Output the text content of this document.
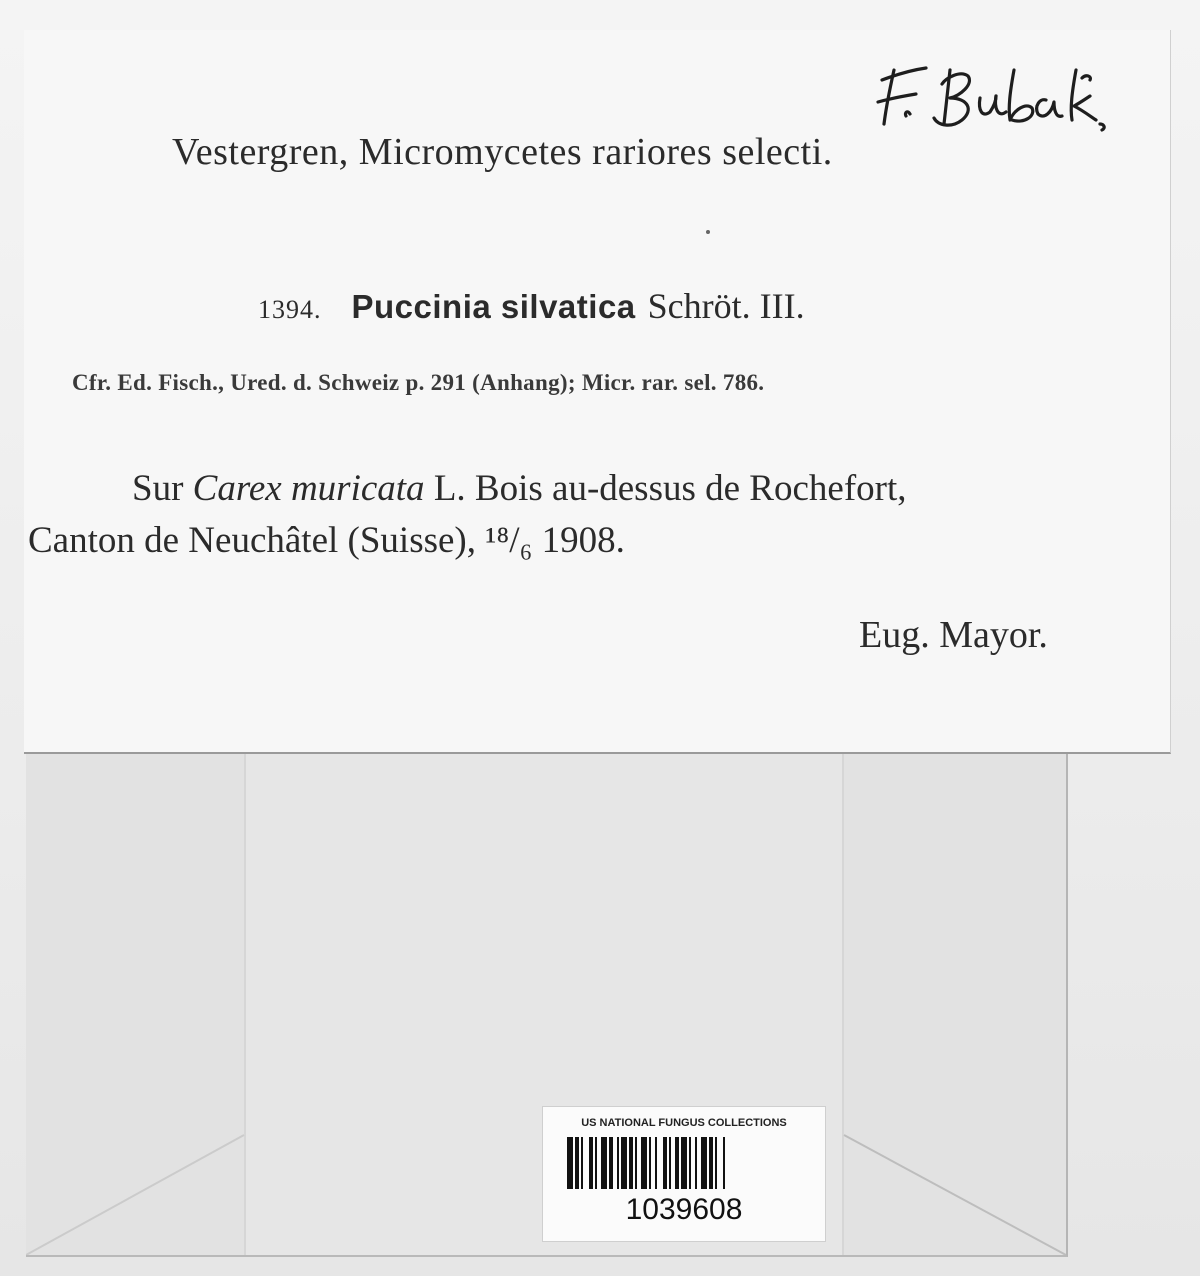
Vestergren, Micromycetes rariores selecti.
1394. Puccinia silvatica Schröt. III.
Cfr. Ed. Fisch., Ured. d. Schweiz p. 291 (Anhang); Micr. rar. sel. 786.
Sur Carex muricata L. Bois au-dessus de Rochefort,
Canton de Neuchâtel (Suisse), ¹⁸/₆ 1908.
Eug. Mayor.
US NATIONAL FUNGUS COLLECTIONS
1039608
